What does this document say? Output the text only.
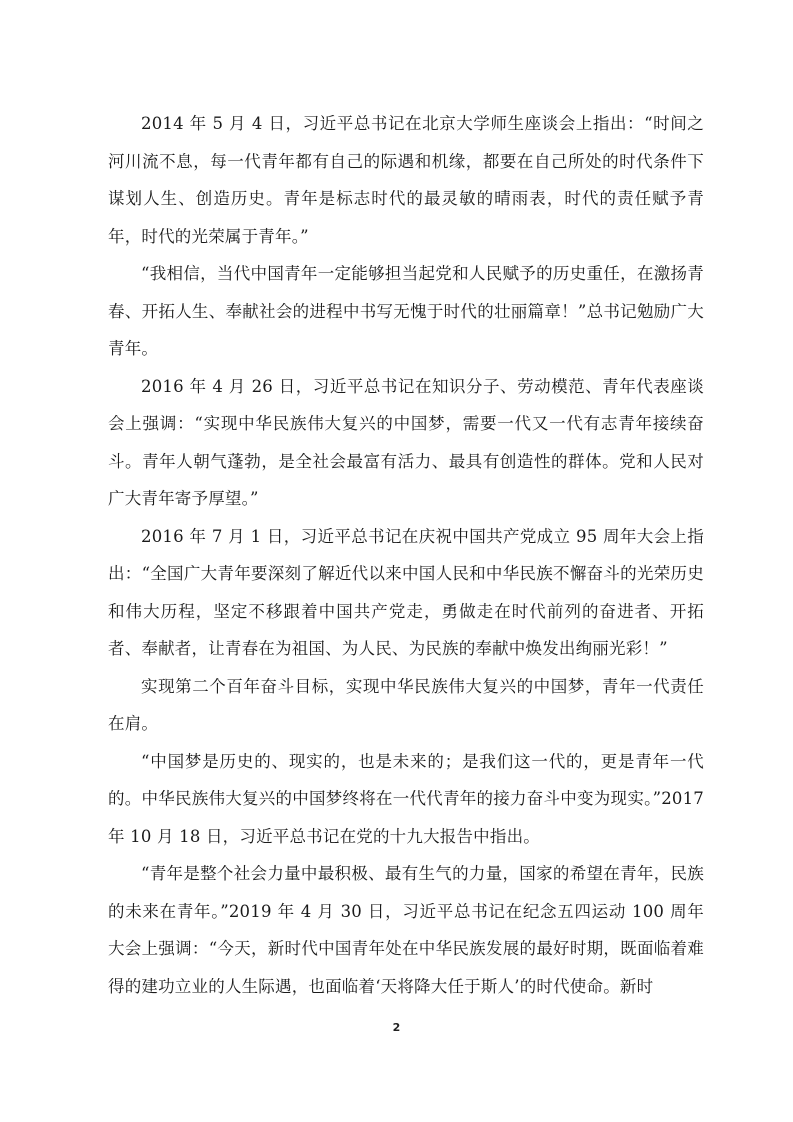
2014 年 5 月 4 日，习近平总书记在北京大学师生座谈会上指出：“时间之河川流不息，每一代青年都有自己的际遇和机缘，都要在自己所处的时代条件下谋划人生、创造历史。青年是标志时代的最灵敏的晴雨表，时代的责任赋予青年，时代的光荣属于青年。”

“我相信，当代中国青年一定能够担当起党和人民赋予的历史重任，在激扬青春、开拓人生、奉献社会的进程中书写无愧于时代的壮丽篇章！”总书记勉励广大青年。

2016 年 4 月 26 日，习近平总书记在知识分子、劳动模范、青年代表座谈会上强调：“实现中华民族伟大复兴的中国梦，需要一代又一代有志青年接续奋斗。青年人朝气蓬勃，是全社会最富有活力、最具有创造性的群体。党和人民对广大青年寄予厚望。”

2016 年 7 月 1 日，习近平总书记在庆祝中国共产党成立 95 周年大会上指出：“全国广大青年要深刻了解近代以来中国人民和中华民族不懈奋斗的光荣历史和伟大历程，坚定不移跟着中国共产党走，勇做走在时代前列的奋进者、开拓者、奉献者，让青春在为祖国、为人民、为民族的奉献中焕发出绚丽光彩！”

实现第二个百年奋斗目标，实现中华民族伟大复兴的中国梦，青年一代责任在肩。

“中国梦是历史的、现实的，也是未来的；是我们这一代的，更是青年一代的。中华民族伟大复兴的中国梦终将在一代代青年的接力奋斗中变为现实。”2017 年 10 月 18 日，习近平总书记在党的十九大报告中指出。

“青年是整个社会力量中最积极、最有生气的力量，国家的希望在青年，民族的未来在青年。”2019 年 4 月 30 日，习近平总书记在纪念五四运动 100 周年大会上强调：“今天，新时代中国青年处在中华民族发展的最好时期，既面临着难得的建功立业的人生际遇，也面临着‘天将降大任于斯人’的时代使命。新时

2
